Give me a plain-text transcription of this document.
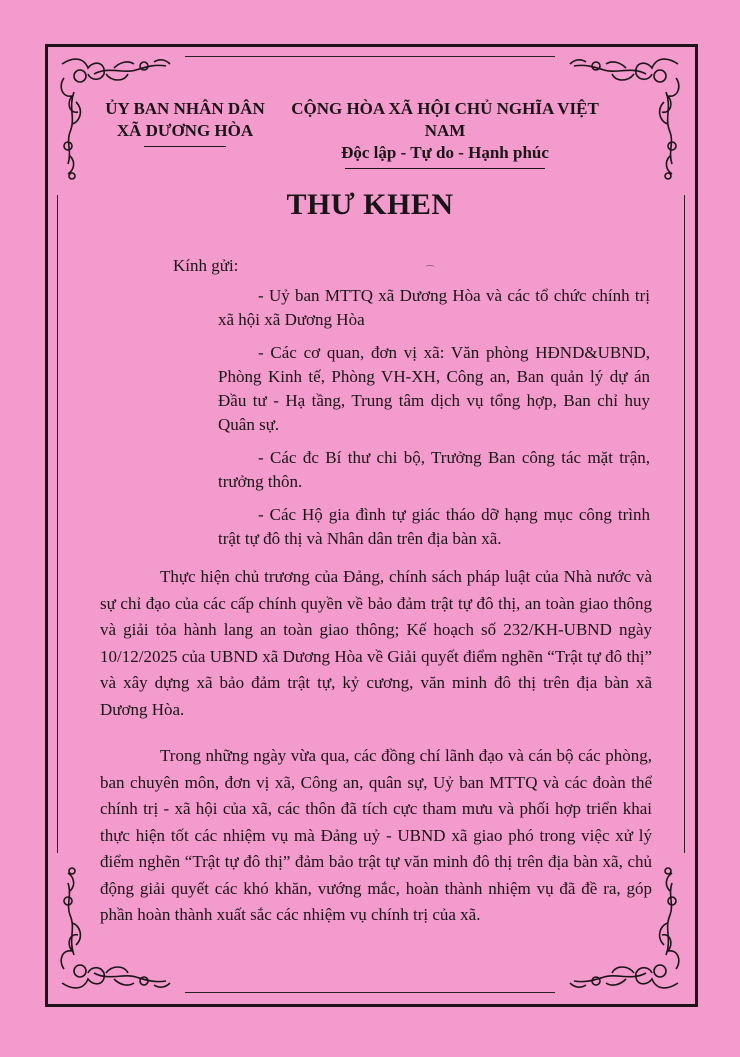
ỦY BAN NHÂN DÂN
XÃ DƯƠNG HÒA
CỘNG HÒA XÃ HỘI CHỦ NGHĨA VIỆT NAM
Độc lập - Tự do - Hạnh phúc
THƯ KHEN
Kính gửi:	⌒

- Uỷ ban MTTQ xã Dương Hòa và các tổ chức chính trị xã hội xã Dương Hòa

- Các cơ quan, đơn vị xã: Văn phòng HĐND&UBND, Phòng Kinh tế, Phòng VH-XH, Công an, Ban quản lý dự án Đầu tư - Hạ tầng, Trung tâm dịch vụ tổng hợp, Ban chỉ huy Quân sự.

- Các đc Bí thư chi bộ, Trưởng Ban công tác mặt trận, trưởng thôn.

- Các Hộ gia đình tự giác tháo dỡ hạng mục công trình trật tự đô thị và Nhân dân trên địa bàn xã.

Thực hiện chủ trương của Đảng, chính sách pháp luật của Nhà nước và sự chỉ đạo của các cấp chính quyền về bảo đảm trật tự đô thị, an toàn giao thông và giải tỏa hành lang an toàn giao thông; Kế hoạch số 232/KH-UBND ngày 10/12/2025 của UBND xã Dương Hòa về Giải quyết điểm nghẽn “Trật tự đô thị” và xây dựng xã bảo đảm trật tự, kỷ cương, văn minh đô thị trên địa bàn xã Dương Hòa.

Trong những ngày vừa qua, các đồng chí lãnh đạo và cán bộ các phòng, ban chuyên môn, đơn vị xã, Công an, quân sự, Uỷ ban MTTQ và các đoàn thể chính trị - xã hội của xã, các thôn đã tích cực tham mưu và phối hợp triển khai thực hiện tốt các nhiệm vụ mà Đảng uỷ - UBND xã giao phó trong việc xử lý điểm nghẽn “Trật tự đô thị” đảm bảo trật tự văn minh đô thị trên địa bàn xã, chủ động giải quyết các khó khăn, vướng mắc, hoàn thành nhiệm vụ đã đề ra, góp phần hoàn thành xuất sắc các nhiệm vụ chính trị của xã.
